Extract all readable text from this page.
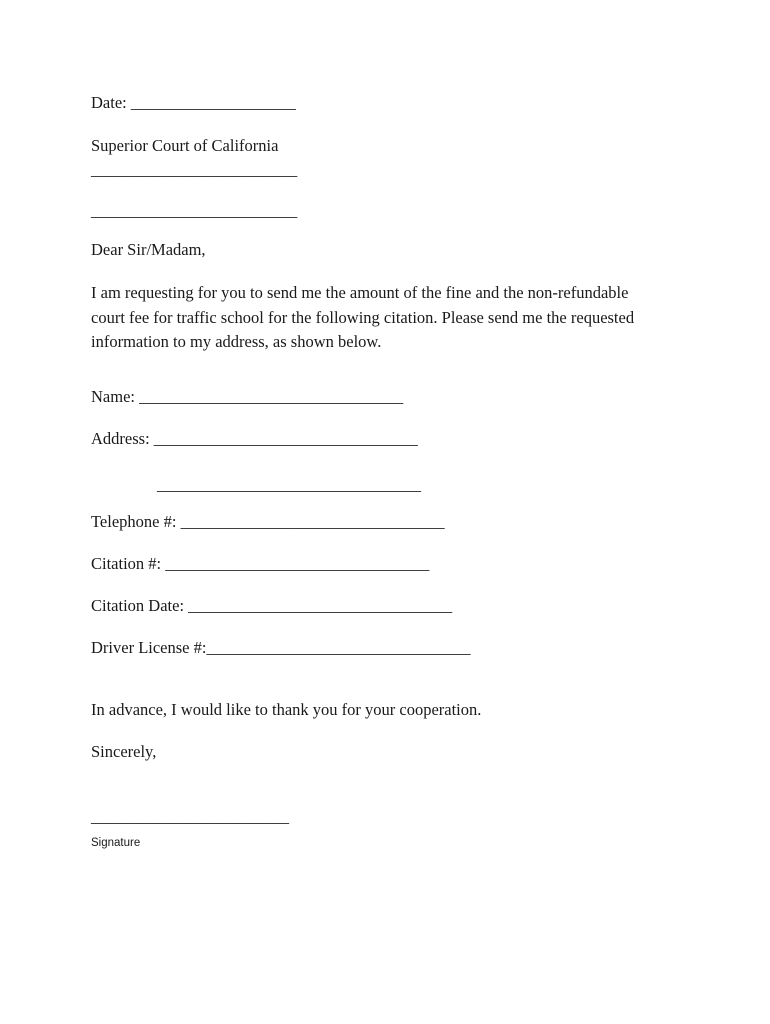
Date: ____________________

Superior Court of California

_________________________

_________________________

Dear Sir/Madam,

I am requesting for you to send me the amount of the fine and the non-refundable
court fee for traffic school for the following citation. Please send me the requested
information to my address, as shown below.

Name: ________________________________

Address: ________________________________

________________________________

Telephone #: ________________________________

Citation #: ________________________________

Citation Date: ________________________________

Driver License #:________________________________

In advance, I would like to thank you for your cooperation.

Sincerely,

________________________

Signature
